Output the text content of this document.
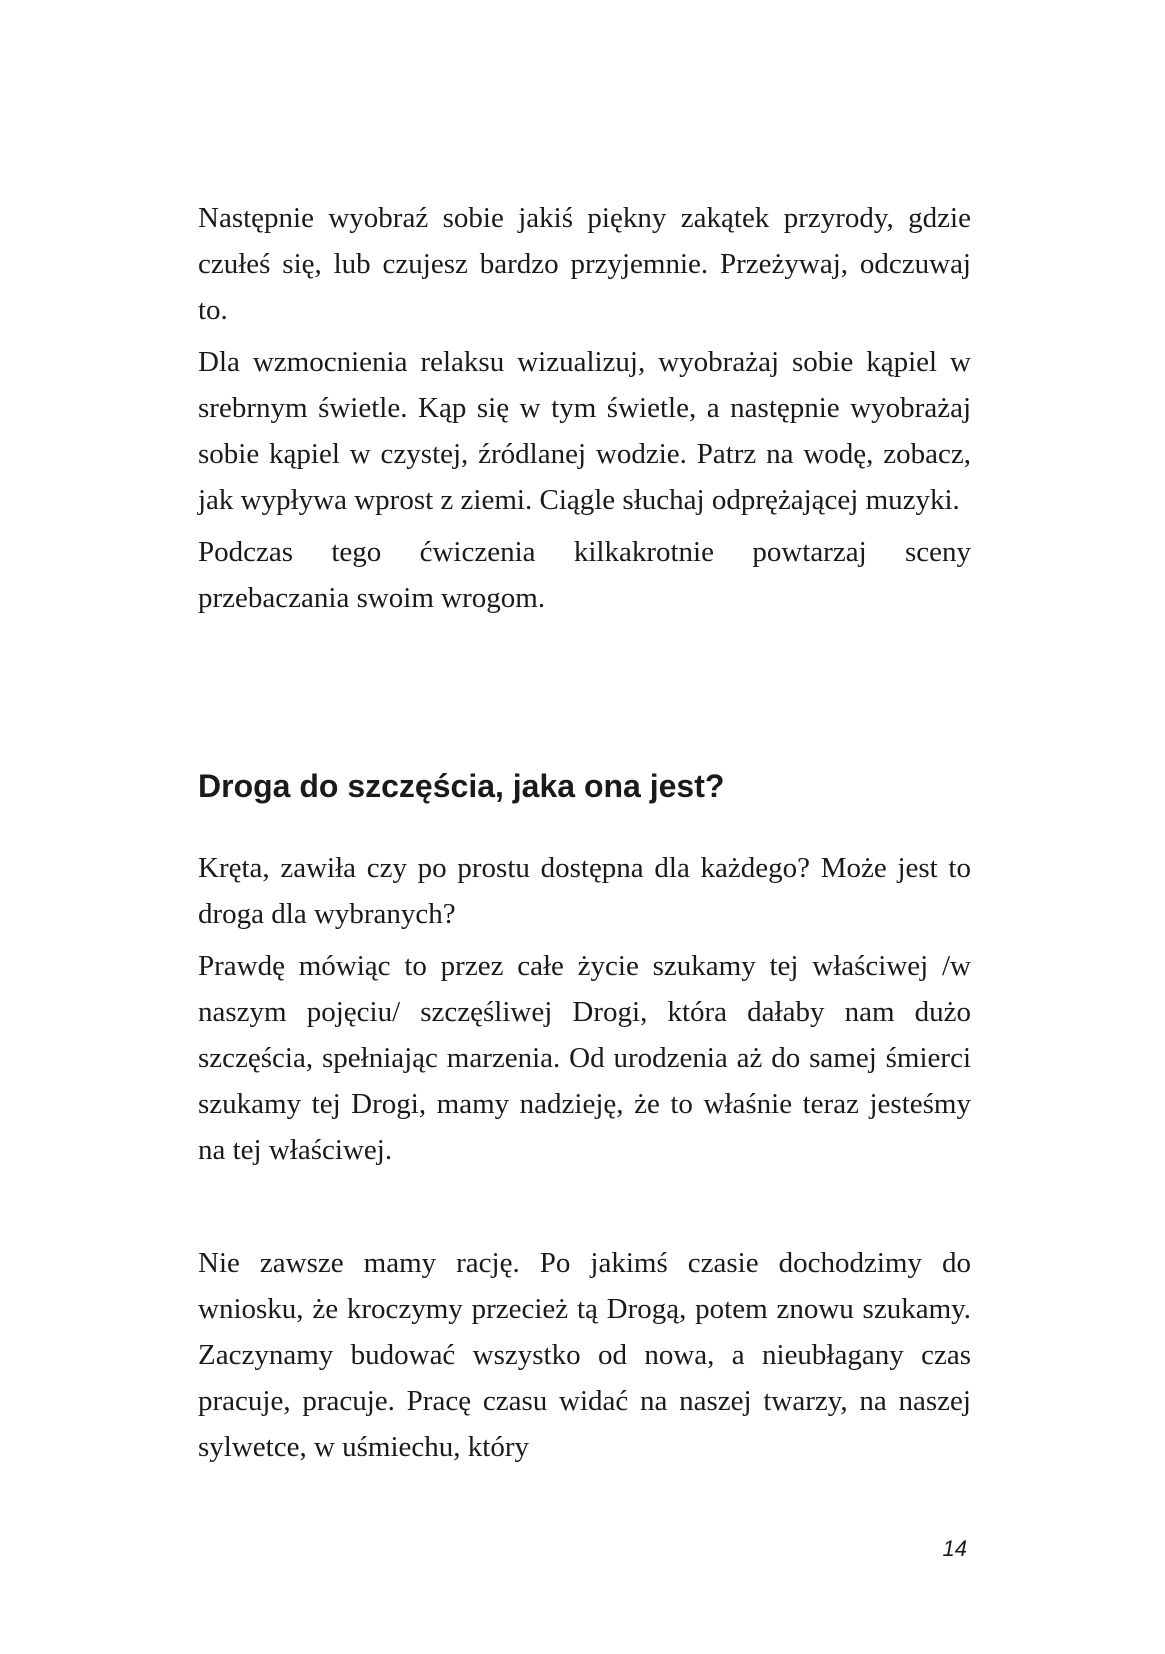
Następnie wyobraź sobie jakiś piękny zakątek przyrody, gdzie czułeś się, lub czujesz bardzo przyjemnie. Przeżywaj, odczuwaj to.

Dla wzmocnienia relaksu wizualizuj, wyobrażaj sobie kąpiel w srebrnym świetle. Kąp się w tym świetle, a następnie wyobrażaj sobie kąpiel w czystej, źródlanej wodzie. Patrz na wodę, zobacz, jak wypływa wprost z ziemi. Ciągle słuchaj odprężającej muzyki.

Podczas tego ćwiczenia kilkakrotnie powtarzaj sceny przebaczania swoim wrogom.

Droga do szczęścia, jaka ona jest?

Kręta, zawiła czy po prostu dostępna dla każdego? Może jest to droga dla wybranych?

Prawdę mówiąc to przez całe życie szukamy tej właściwej /w naszym pojęciu/ szczęśliwej Drogi, która dałaby nam dużo szczęścia, spełniając marzenia. Od urodzenia aż do samej śmierci szukamy tej Drogi, mamy nadzieję, że to właśnie teraz jesteśmy na tej właściwej.

Nie zawsze mamy rację. Po jakimś czasie dochodzimy do wniosku, że kroczymy przecież tą Drogą, potem znowu szukamy. Zaczynamy budować wszystko od nowa, a nieubłagany czas pracuje, pracuje. Pracę czasu widać na naszej twarzy, na naszej sylwetce, w uśmiechu, który

14
